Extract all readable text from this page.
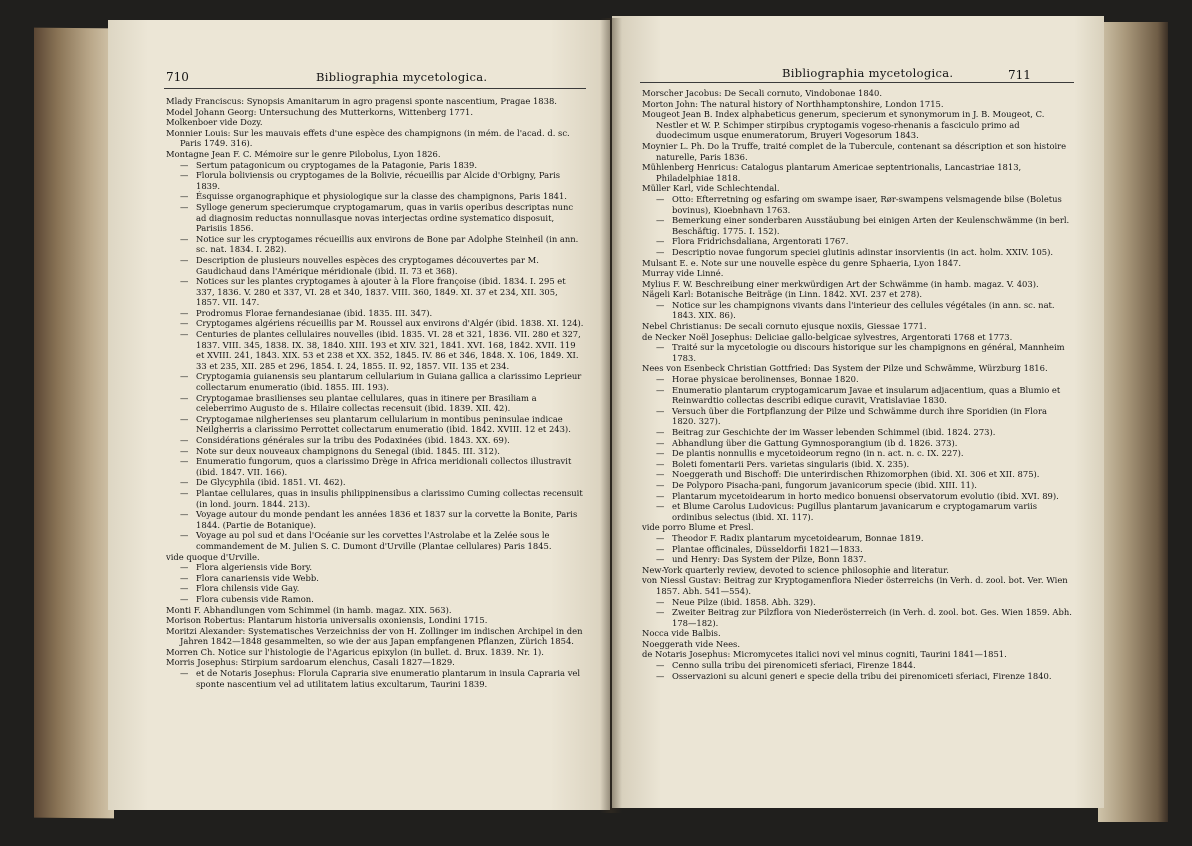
710	Bibliographia mycetologica.
Mlady Franciscus: Synopsis Amanitarum in agro pragensi sponte nascentium, Pragae 1838.
Model Johann Georg: Untersuchung des Mutterkorns, Wittenberg 1771.
Molkenboer vide Dozy.
Monnier Louis: Sur les mauvais effets d'une espèce des champignons (in mém. de l'acad. d. sc. Paris 1749. 316).
Montagne Jean F. C. Mémoire sur le genre Pilobolus, Lyon 1826.
— Sertum patagonicum ou cryptogames de la Patagonie, Paris 1839.
— Florula boliviensis ou cryptogames de la Bolivie, récueillis par Alcide d'Orbigny, Paris 1839.
— Ésquisse organographique et physiologique sur la classe des champignons, Paris 1841.
— Sylloge generum specierumque cryptogamarum, quas in variis operibus descriptas nunc ad diagnosim reductas nonnullasque novas interjectas ordine systematico disposuit, Parisiis 1856.
— Notice sur les cryptogames récueillis aux environs de Bone par Adolphe Steinheil (in ann. sc. nat. 1834. I. 282).
— Description de plusieurs nouvelles espèces des cryptogames découvertes par M. Gaudichaud dans l'Amérique méridionale (ibid. II. 73 et 368).
— Notices sur les plantes cryptogames à ajouter à la Flore françoise (ibid. 1834. I. 295 et 337, 1836. V. 280 et 337, VI. 28 et 340, 1837. VIII. 360, 1849. XI. 37 et 234, XII. 305, 1857. VII. 147.
— Prodromus Florae fernandesianae (ibid. 1835. III. 347).
— Cryptogames algériens récueillis par M. Roussel aux environs d'Algér (ibid. 1838. XI. 124).
— Centuries de plantes cellulaires nouvelles (ibid. 1835. VI. 28 et 321, 1836. VII. 280 et 327, 1837. VIII. 345, 1838. IX. 38, 1840. XIII. 193 et XIV. 321, 1841. XVI. 168, 1842. XVII. 119 et XVIII. 241, 1843. XIX. 53 et 238 et XX. 352, 1845. IV. 86 et 346, 1848. X. 106, 1849. XI. 33 et 235, XII. 285 et 296, 1854. I. 24, 1855. II. 92, 1857. VII. 135 et 234.
— Cryptogamia guianensis seu plantarum cellularium in Guiana gallica a clarissimo Leprieur collectarum enumeratio (ibid. 1855. III. 193).
— Cryptogamae brasilienses seu plantae cellulares, quas in itinere per Brasiliam a celeberrimo Augusto de s. Hilaire collectas recensuit (ibid. 1839. XII. 42).
— Cryptogamae nilgherienses seu plantarum cellularium in montibus peninsulae indicae Neilgherris a clarissimo Perrottet collectarum enumeratio (ibid. 1842. XVIII. 12 et 243).
— Considérations générales sur la tribu des Podaxinées (ibid. 1843. XX. 69).
— Note sur deux nouveaux champignons du Senegal (ibid. 1845. III. 312).
— Enumeratio fungorum, quos a clarissimo Drège in Africa meridionali collectos illustravit (ibid. 1847. VII. 166).
— De Glycyphila (ibid. 1851. VI. 462).
— Plantae cellulares, quas in insulis philippinensibus a clarissimo Cuming collectas recensuit (in lond. journ. 1844. 213).
— Voyage autour du monde pendant les années 1836 et 1837 sur la corvette la Bonite, Paris 1844. (Partie de Botanique).
— Voyage au pol sud et dans l'Océanie sur les corvettes l'Astrolabe et la Zelée sous le commandement de M. Julien S. C. Dumont d'Urville (Plantae cellulares) Paris 1845.
vide quoque d'Urville.
— Flora algeriensis vide Bory.
— Flora canariensis vide Webb.
— Flora chilensis vide Gay.
— Flora cubensis vide Ramon.
Monti F. Abhandlungen vom Schimmel (in hamb. magaz. XIX. 563).
Morison Robertus: Plantarum historia universalis oxoniensis, Londini 1715.
Moritzi Alexander: Systematisches Verzeichniss der von H. Zollinger im indischen Archipel in den Jahren 1842—1848 gesammelten, so wie der aus Japan empfangenen Pflanzen, Zürich 1854.
Morren Ch. Notice sur l'histologie de l'Agaricus epixylon (in bullet. d. Brux. 1839. Nr. 1).
Morris Josephus: Stirpium sardoarum elenchus, Casali 1827—1829.
— et de Notaris Josephus: Florula Capraria sive enumeratio plantarum in insula Capraria vel sponte nascentium vel ad utilitatem latius excultarum, Taurini 1839.
Bibliographia mycetologica.	711
Morscher Jacobus: De Secali cornuto, Vindobonae 1840.
Morton John: The natural history of Northhamptonshire, London 1715.
Mougeot Jean B. Index alphabeticus generum, specierum et synonymorum in J. B. Mougeot, C. Nestler et W. P. Schimper stirpibus cryptogamis vogeso-rhenanis a fasciculo primo ad duodecimum usque enumeratorum, Bruyeri Vogesorum 1843.
Moynier L. Ph. Do la Truffe, traité complet de la Tubercule, contenant sa déscription et son histoire naturelle, Paris 1836.
Mühlenberg Henricus: Catalogus plantarum Americae septentrionalis, Lancastriae 1813, Philadelphiae 1818.
Müller Karl, vide Schlechtendal.
— Otto: Efterretning og esfaring om swampe isaer, Rør-swampens velsmagende bilse (Boletus bovinus), Kioebnhavn 1763.
— Bemerkung einer sonderbaren Ausstäubung bei einigen Arten der Keulenschwämme (in berl. Beschäftig. 1775. I. 152).
— Flora Fridrichsdaliana, Argentorati 1767.
— Descriptio novae fungorum speciei glutinis adinstar insorvientis (in act. holm. XXIV. 105).
Mulsant E. e. Note sur une nouvelle espèce du genre Sphaeria, Lyon 1847.
Murray vide Linné.
Mylius F. W. Beschreibung einer merkwürdigen Art der Schwämme (in hamb. magaz. V. 403).
Nägeli Karl: Botanische Beiträge (in Linn. 1842. XVI. 237 et 278).
— Notice sur les champignons vivants dans l'interieur des cellules végétales (in ann. sc. nat. 1843. XIX. 86).
Nebel Christianus: De secali cornuto ejusque noxiis, Giessae 1771.
de Necker Noël Josephus: Deliciae gallo-belgicae sylvestres, Argentorati 1768 et 1773.
— Traité sur la mycetologie ou discours historique sur les champignons en général, Mannheim 1783.
Nees von Esenbeck Christian Gottfried: Das System der Pilze und Schwämme, Würzburg 1816.
— Horae physicae berolinenses, Bonnae 1820.
— Enumeratio plantarum cryptogamicarum Javae et insularum adjacentium, quas a Blumio et Reinwardtio collectas describi edique curavit, Vratislaviae 1830.
— Versuch über die Fortpflanzung der Pilze und Schwämme durch ihre Sporidien (in Flora 1820. 327).
— Beitrag zur Geschichte der im Wasser lebenden Schimmel (ibid. 1824. 273).
— Abhandlung über die Gattung Gymnosporangium (ib d. 1826. 373).
— De plantis nonnullis e mycetoideorum regno (in n. act. n. c. IX. 227).
— Boleti fomentarii Pers. varietas singularis (ibid. X. 235).
— Noeggerath und Bischoff: Die unterirdischen Rhizomorphen (ibid. XI. 306 et XII. 875).
— De Polyporo Pisacha-pani, fungorum javanicorum specie (ibid. XIII. 11).
— Plantarum mycetoidearum in horto medico bonuensi observatorum evolutio (ibid. XVI. 89).
— et Blume Carolus Ludovicus: Pugillus plantarum javanicarum e cryptogamarum variis ordinibus selectus (ibid. XI. 117).
vide porro Blume et Presl.
— Theodor F. Radix plantarum mycetoidearum, Bonnae 1819.
— Plantae officinales, Düsseldorfii 1821—1833.
— und Henry: Das System der Pilze, Bonn 1837.
New-York quarterly review, devoted to science philosophie and literatur.
von Niessl Gustav: Beitrag zur Kryptogamenflora Nieder österreichs (in Verh. d. zool. bot. Ver. Wien 1857. Abh. 541—554).
— Neue Pilze (ibid. 1858. Abh. 329).
— Zweiter Beitrag zur Pilzflora von Niederösterreich (in Verh. d. zool. bot. Ges. Wien 1859. Abh. 178—182).
Nocca vide Balbis.
Noeggerath vide Nees.
de Notaris Josephus: Micromycetes italici novi vel minus cogniti, Taurini 1841—1851.
— Cenno sulla tribu dei pirenomiceti sferiaci, Firenze 1844.
— Osservazioni su alcuni generi e specie della tribu dei pirenomiceti sferiaci, Firenze 1840.
